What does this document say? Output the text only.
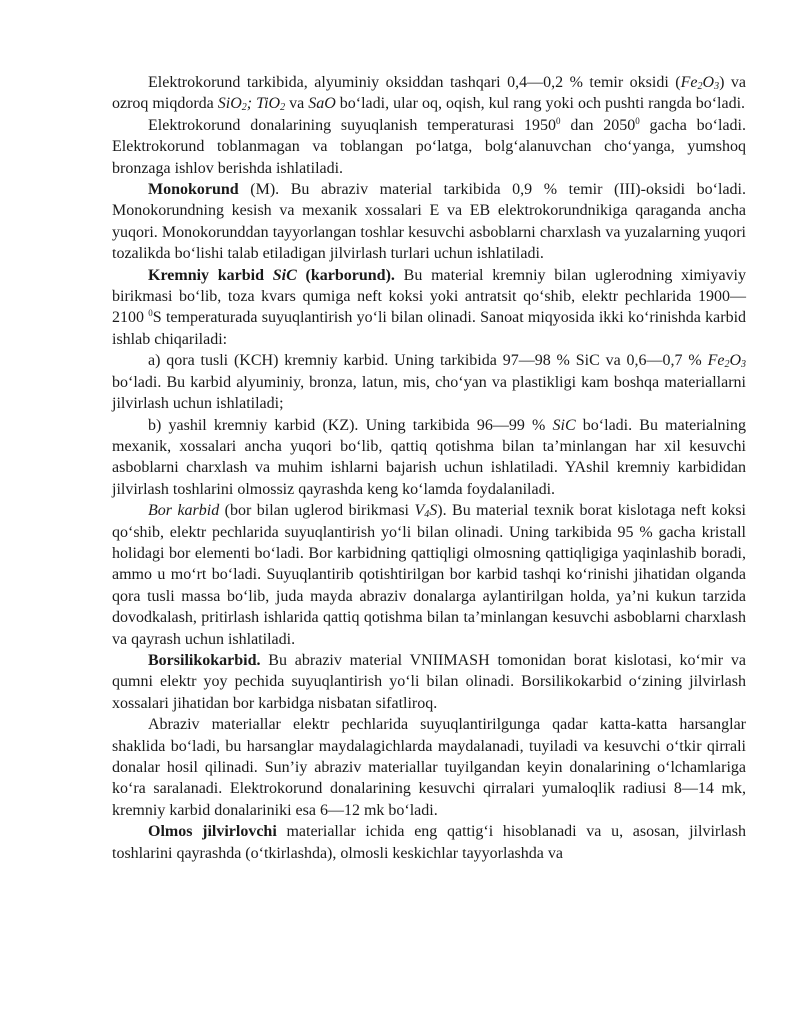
Elektrokorund tarkibida, alyuminiy oksiddan tashqari 0,4—0,2 % temir oksidi $(Fe_2O_3)$ va ozroq miqdorda SiO$_2$; TiO$_2$ va SaO bo‘ladi, ular oq, oqish, kul rang yoki och pushti rangda bo‘ladi.

Elektrokorund donalarining suyuqlanish temperaturasi 1950$^0$ dan 2050$^0$ gacha bo‘ladi. Elektrokorund toblanmagan va toblangan po‘latga, bolg‘alanuvchan cho‘yanga, yumshoq bronzaga ishlov berishda ishlatiladi.

Monokorund (M). Bu abraziv material tarkibida 0,9 % temir (III)-oksidi bo‘ladi. Monokorundning kesish va mexanik xossalari E va EB elektrokorundnikiga qaraganda ancha yuqori. Monokorunddan tayyorlangan toshlar kesuvchi asboblarni charxlash va yuzalarning yuqori tozalikda bo‘lishi talab etiladigan jilvirlash turlari uchun ishlatiladi.

Kremniy karbid SiC (karborund). Bu material kremniy bilan uglerodning ximiyaviy birikmasi bo‘lib, toza kvars qumiga neft koksi yoki antratsit qo‘shib, elektr pechlarida 1900—2100 $^0$S temperaturada suyuqlantirish yo‘li bilan olinadi. Sanoat miqyosida ikki ko‘rinishda karbid ishlab chiqariladi:

a) qora tusli (KCH) kremniy karbid. Uning tarkibida 97—98 % SiC va 0,6—0,7 % $Fe_2O_3$ bo‘ladi. Bu karbid alyuminiy, bronza, latun, mis, cho‘yan va plastikligi kam boshqa materiallarni jilvirlash uchun ishlatiladi;

b) yashil kremniy karbid (KZ). Uning tarkibida 96—99 % SiC bo‘ladi. Bu materialning mexanik, xossalari ancha yuqori bo‘lib, qattiq qotishma bilan ta’minlangan har xil kesuvchi asboblarni charxlash va muhim ishlarni bajarish uchun ishlatiladi. YAshil kremniy karbididan jilvirlash toshlarini olmossiz qayrashda keng ko‘lamda foydalaniladi.

Bor karbid (bor bilan uglerod birikmasi $V_4S$). Bu material texnik borat kislotaga neft koksi qo‘shib, elektr pechlarida suyuqlantirish yo‘li bilan olinadi. Uning tarkibida 95 % gacha kristall holidagi bor elementi bo‘ladi. Bor karbidning qattiqligi olmosning qattiqligiga yaqinlashib boradi, ammo u mo‘rt bo‘ladi. Suyuqlantirib qotishtirilgan bor karbid tashqi ko‘rinishi jihatidan olganda qora tusli massa bo‘lib, juda mayda abraziv donalarga aylantirilgan holda, ya’ni kukun tarzida dovodkalash, pritirlash ishlarida qattiq qotishma bilan ta’minlangan kesuvchi asboblarni charxlash va qayrash uchun ishlatiladi.

Borsilikokarbid. Bu abraziv material VNIIMASH tomonidan borat kislotasi, ko‘mir va qumni elektr yoy pechida suyuqlantirish yo‘li bilan olinadi. Borsilikokarbid o‘zining jilvirlash xossalari jihatidan bor karbidga nisbatan sifatliroq.

Abraziv materiallar elektr pechlarida suyuqlantirilgunga qadar katta-katta harsanglar shaklida bo‘ladi, bu harsanglar maydalagichlarda maydalanadi, tuyiladi va kesuvchi o‘tkir qirrali donalar hosil qilinadi. Sun’iy abraziv materiallar tuyilgandan keyin donalarining o‘lchamlariga ko‘ra saralanadi. Elektrokorund donalarining kesuvchi qirralari yumaloqlik radiusi 8—14 mk, kremniy karbid donalariniki esa 6—12 mk bo‘ladi.

Olmos jilvirlovchi materiallar ichida eng qattig‘i hisoblanadi va u, asosan, jilvirlash toshlarini qayrashda (o‘tkirlashda), olmosli keskichlar tayyorlashda va
